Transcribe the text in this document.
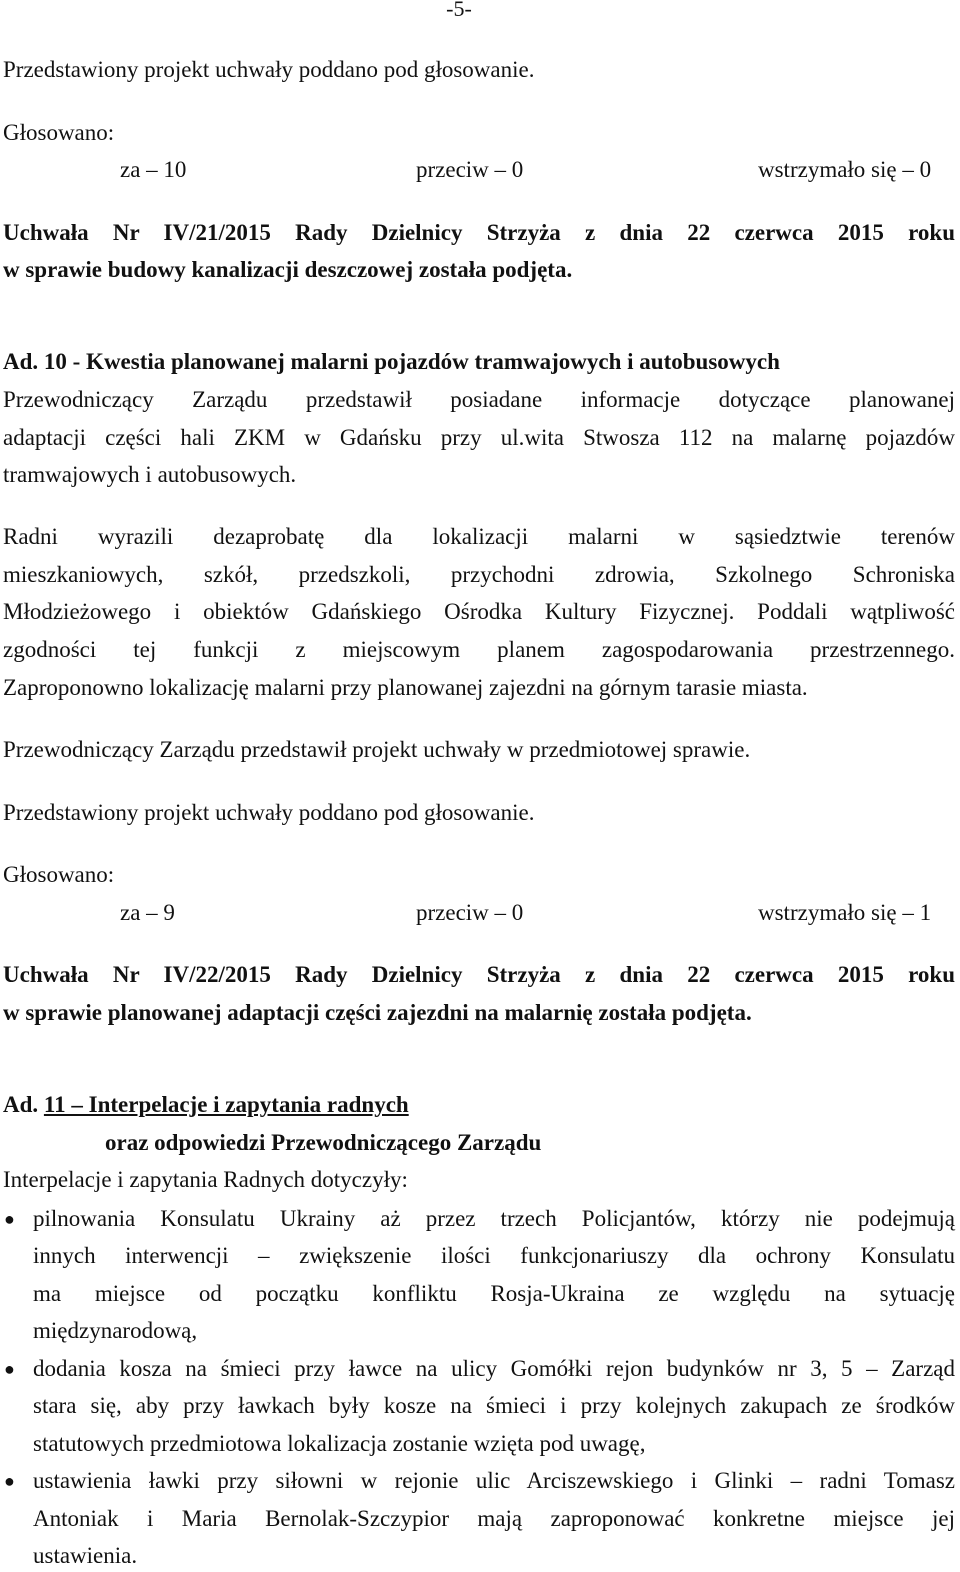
-5-
Przedstawiony projekt uchwały poddano pod głosowanie.
Głosowano:
za – 10	przeciw – 0	wstrzymało się – 0
Uchwała Nr IV/21/2015 Rady Dzielnicy Strzyża z dnia 22 czerwca 2015 roku
w sprawie budowy kanalizacji deszczowej została podjęta.
Ad. 10 - Kwestia planowanej malarni pojazdów tramwajowych i autobusowych
Przewodniczący Zarządu przedstawił posiadane informacje dotyczące planowanej
adaptacji części hali ZKM w Gdańsku przy ul.wita Stwosza 112 na malarnę pojazdów
tramwajowych i autobusowych.
Radni wyrazili dezaprobatę dla lokalizacji malarni w sąsiedztwie terenów
mieszkaniowych, szkół, przedszkoli, przychodni zdrowia, Szkolnego Schroniska
Młodzieżowego i obiektów Gdańskiego Ośrodka Kultury Fizycznej. Poddali wątpliwość
zgodności tej funkcji z miejscowym planem zagospodarowania przestrzennego.
Zaproponowno lokalizację malarni przy planowanej zajezdni na górnym tarasie miasta.
Przewodniczący Zarządu przedstawił projekt uchwały w przedmiotowej sprawie.
Przedstawiony projekt uchwały poddano pod głosowanie.
Głosowano:
za – 9	przeciw – 0	wstrzymało się – 1
Uchwała Nr IV/22/2015 Rady Dzielnicy Strzyża z dnia 22 czerwca 2015 roku
w sprawie planowanej adaptacji części zajezdni na malarnię została podjęta.
Ad. 11 – Interpelacje i zapytania radnych
oraz odpowiedzi Przewodniczącego Zarządu
Interpelacje i zapytania Radnych dotyczyły:
● pilnowania Konsulatu Ukrainy aż przez trzech Policjantów, którzy nie podejmują
innych interwencji – zwiększenie ilości funkcjonariuszy dla ochrony Konsulatu
ma miejsce od początku konfliktu Rosja-Ukraina ze względu na sytuację
międzynarodową,
● dodania kosza na śmieci przy ławce na ulicy Gomółki rejon budynków nr 3, 5 – Zarząd
stara się, aby przy ławkach były kosze na śmieci i przy kolejnych zakupach ze środków
statutowych przedmiotowa lokalizacja zostanie wzięta pod uwagę,
● ustawienia ławki przy siłowni w rejonie ulic Arciszewskiego i Glinki – radni Tomasz
Antoniak i Maria Bernolak-Szczypior mają zaproponować konkretne miejsce jej
ustawienia.
